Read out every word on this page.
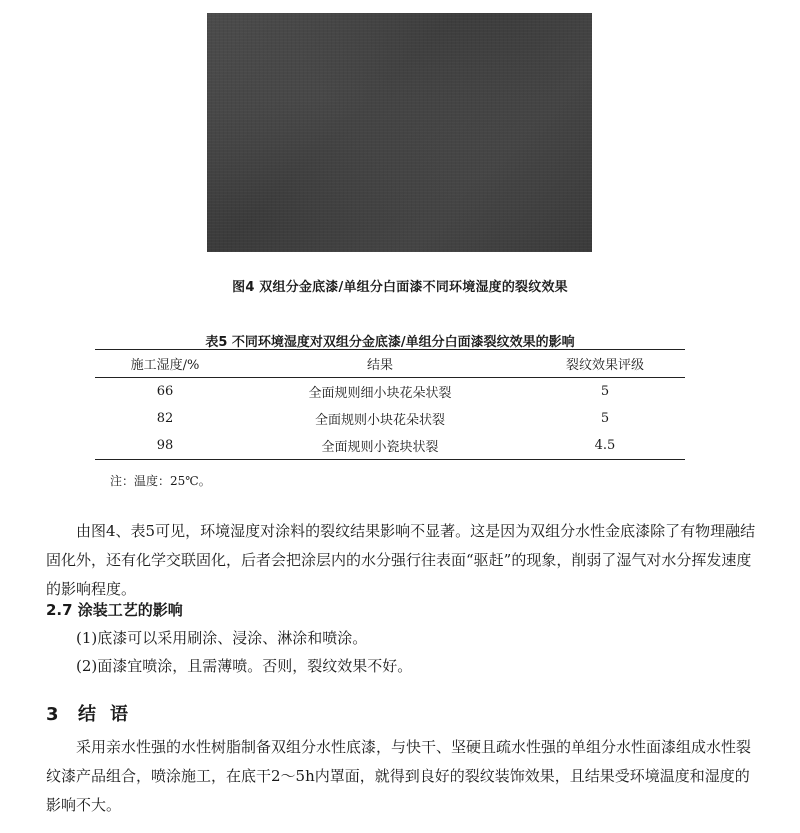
图4 双组分金底漆/单组分白面漆不同环境湿度的裂纹效果
表5 不同环境湿度对双组分金底漆/单组分白面漆裂纹效果的影响
施工湿度/%	结果	裂纹效果评级
66	全面规则细小块花朵状裂	5
82	全面规则小块花朵状裂	5
98	全面规则小瓷块状裂	4.5
注：温度：25℃。

由图4、表5可见，环境湿度对涂料的裂纹结果影响不显著。这是因为双组分水性金底漆除了有物理融结固化外，还有化学交联固化，后者会把涂层内的水分强行往表面“驱赶”的现象，削弱了湿气对水分挥发速度的影响程度。

2.7 涂装工艺的影响
(1)底漆可以采用刷涂、浸涂、淋涂和喷涂。
(2)面漆宜喷涂，且需薄喷。否则，裂纹效果不好。
3 结语

采用亲水性强的水性树脂制备双组分水性底漆，与快干、坚硬且疏水性强的单组分水性面漆组成水性裂纹漆产品组合，喷涂施工，在底干2～5h内罩面，就得到良好的裂纹装饰效果，且结果受环境温度和湿度的影响不大。
